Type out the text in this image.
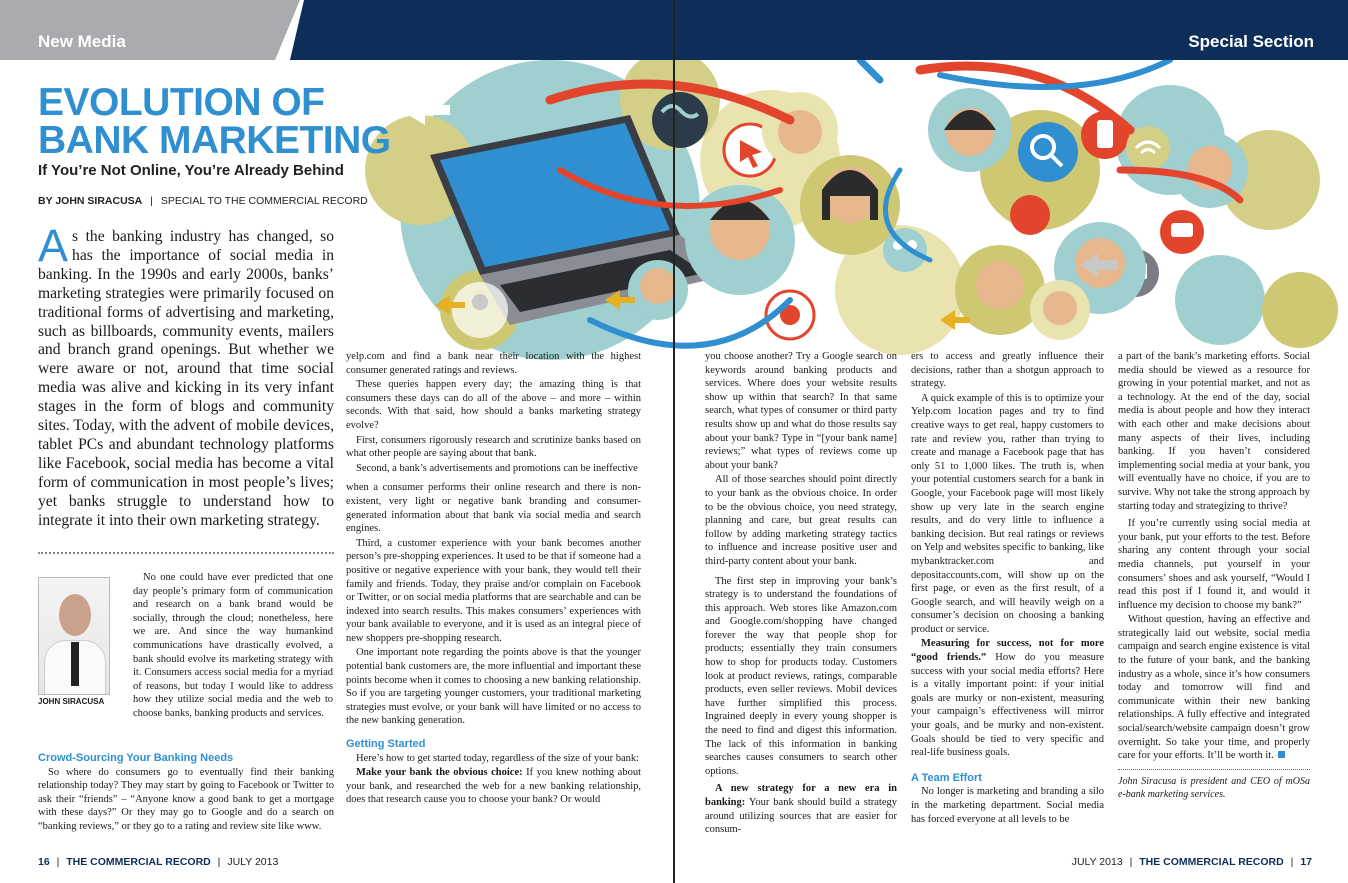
New Media	Special Section
EVOLUTION OF
BANK MARKETING
If You’re Not Online, You’re Already Behind
BY JOHN SIRACUSA | SPECIAL TO THE COMMERCIAL RECORD
As the banking industry has changed, so has the importance of social media in banking. In the 1990s and early 2000s, banks’ marketing strategies were primarily focused on traditional forms of advertising and marketing, such as billboards, community events, mailers and branch grand openings. But whether we were aware or not, around that time social media was alive and kicking in its very infant stages in the form of blogs and community sites. Today, with the advent of mobile devices, tablet PCs and abundant technology platforms like Facebook, social media has become a vital form of communication in most people’s lives; yet banks struggle to understand how to integrate it into their own marketing strategy.
JOHN SIRACUSA

No one could have ever predicted that one day people’s primary form of communication and research on a bank brand would be socially, through the cloud; nonetheless, here we are. And since the way humankind communications have drastically evolved, a bank should evolve its marketing strategy with it. Consumers access social media for a myriad of reasons, but today I would like to address how they utilize social media and the web to choose banks, banking products and services.

Crowd-Sourcing Your Banking Needs

So where do consumers go to eventually find their banking relationship today? They may start by going to Facebook or Twitter to ask their “friends” – “Anyone know a good bank to get a mortgage with these days?” Or they may go to Google and do a search on “banking reviews,” or they go to a rating and review site like www.

yelp.com and find a bank near their location with the highest consumer generated ratings and reviews.

These queries happen every day; the amazing thing is that consumers these days can do all of the above – and more – within seconds. With that said, how should a banks marketing strategy evolve?

First, consumers rigorously research and scrutinize banks based on what other people are saying about that bank.

Second, a bank’s advertisements and promotions can be ineffective

when a consumer performs their online research and there is non-existent, very light or negative bank branding and consumer-generated information about that bank via social media and search engines.

Third, a customer experience with your bank becomes another person’s pre-shopping experiences. It used to be that if someone had a positive or negative experience with your bank, they would tell their family and friends. Today, they praise and/or complain on Facebook or Twitter, or on social media platforms that are searchable and can be indexed into search results. This makes consumers’ experiences with your bank available to everyone, and it is used as an integral piece of new shoppers pre-shopping research.

One important note regarding the points above is that the younger potential bank customers are, the more influential and important these points become when it comes to choosing a new banking relationship. So if you are targeting younger customers, your traditional marketing strategies must evolve, or your bank will have limited or no access to the new banking generation.

Getting Started

Here’s how to get started today, regardless of the size of your bank:

Make your bank the obvious choice: If you knew nothing about your bank, and researched the web for a new banking relationship, does that research cause you to choose your bank? Or would

you choose another? Try a Google search on keywords around banking products and services. Where does your website results show up within that search? In that same search, what types of consumer or third party results show up and what do those results say about your bank? Type in “[your bank name] reviews;” what types of reviews come up about your bank?

All of those searches should point directly to your bank as the obvious choice. In order to be the obvious choice, you need strategy, planning and care, but great results can follow by adding marketing strategy tactics to influence and increase positive user and third-party content about your bank.

The first step in improving your bank’s strategy is to understand the foundations of this approach. Web stores like Amazon.com and Google.com/shopping have changed forever the way that people shop for products; essentially they train consumers how to shop for products today. Customers look at product reviews, ratings, comparable products, even seller reviews. Mobil devices have further simplified this process. Ingrained deeply in every young shopper is the need to find and digest this information. The lack of this information in banking searches causes consumers to search other options.

A new strategy for a new era in banking: Your bank should build a strategy around utilizing sources that are easier for consum-

ers to access and greatly influence their decisions, rather than a shotgun approach to strategy.

A quick example of this is to optimize your Yelp.com location pages and try to find creative ways to get real, happy customers to rate and review you, rather than trying to create and manage a Facebook page that has only 51 to 1,000 likes. The truth is, when your potential customers search for a bank in Google, your Facebook page will most likely show up very late in the search engine results, and do very little to influence a banking decision. But real ratings or reviews on Yelp and websites specific to banking, like mybanktracker.com and depositaccounts.com, will show up on the first page, or even as the first result, of a Google search, and will heavily weigh on a consumer’s decision on choosing a banking product or service.

Measuring for success, not for more “good friends.” How do you measure success with your social media efforts? Here is a vitally important point: if your initial goals are murky or non-existent, measuring your campaign’s effectiveness will mirror your goals, and be murky and non-existent. Goals should be tied to very specific and real-life business goals.

A Team Effort

No longer is marketing and branding a silo in the marketing department. Social media has forced everyone at all levels to be

a part of the bank’s marketing efforts. Social media should be viewed as a resource for growing in your potential market, and not as a technology. At the end of the day, social media is about people and how they interact with each other and make decisions about many aspects of their lives, including banking. If you haven’t considered implementing social media at your bank, you will eventually have no choice, if you are to survive. Why not take the strong approach by starting today and strategizing to thrive?

If you’re currently using social media at your bank, put your efforts to the test. Before sharing any content through your social media channels, put yourself in your consumers’ shoes and ask yourself, “Would I read this post if I found it, and would it influence my decision to choose my bank?”

Without question, having an effective and strategically laid out website, social media campaign and search engine existence is vital to the future of your bank, and the banking industry as a whole, since it’s how consumers today and tomorrow will find and communicate within their new banking relationships. A fully effective and integrated social/search/website campaign doesn’t grow overnight. So take your time, and properly care for your efforts. It’ll be worth it.

John Siracusa is president and CEO of mOSa e-bank marketing services.
16 | THE COMMERCIAL RECORD | JULY 2013	JULY 2013 | THE COMMERCIAL RECORD | 17
